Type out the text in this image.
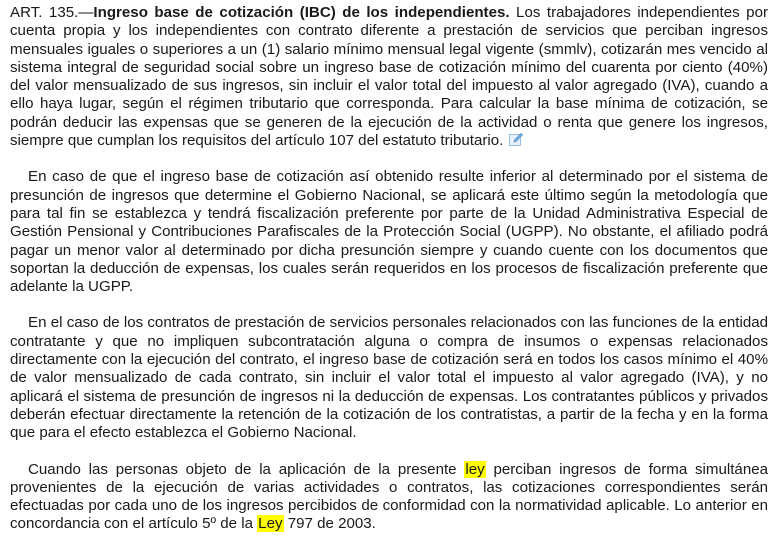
ART. 135.—Ingreso base de cotización (IBC) de los independientes. Los trabajadores independientes por cuenta propia y los independientes con contrato diferente a prestación de servicios que perciban ingresos mensuales iguales o superiores a un (1) salario mínimo mensual legal vigente (smmlv), cotizarán mes vencido al sistema integral de seguridad social sobre un ingreso base de cotización mínimo del cuarenta por ciento (40%) del valor mensualizado de sus ingresos, sin incluir el valor total del impuesto al valor agregado (IVA), cuando a ello haya lugar, según el régimen tributario que corresponda. Para calcular la base mínima de cotización, se podrán deducir las expensas que se generen de la ejecución de la actividad o renta que genere los ingresos, siempre que cumplan los requisitos del artículo 107 del estatuto tributario.

En caso de que el ingreso base de cotización así obtenido resulte inferior al determinado por el sistema de presunción de ingresos que determine el Gobierno Nacional, se aplicará este último según la metodología que para tal fin se establezca y tendrá fiscalización preferente por parte de la Unidad Administrativa Especial de Gestión Pensional y Contribuciones Parafiscales de la Protección Social (UGPP). No obstante, el afiliado podrá pagar un menor valor al determinado por dicha presunción siempre y cuando cuente con los documentos que soportan la deducción de expensas, los cuales serán requeridos en los procesos de fiscalización preferente que adelante la UGPP.

En el caso de los contratos de prestación de servicios personales relacionados con las funciones de la entidad contratante y que no impliquen subcontratación alguna o compra de insumos o expensas relacionados directamente con la ejecución del contrato, el ingreso base de cotización será en todos los casos mínimo el 40% de valor mensualizado de cada contrato, sin incluir el valor total el impuesto al valor agregado (IVA), y no aplicará el sistema de presunción de ingresos ni la deducción de expensas. Los contratantes públicos y privados deberán efectuar directamente la retención de la cotización de los contratistas, a partir de la fecha y en la forma que para el efecto establezca el Gobierno Nacional.

Cuando las personas objeto de la aplicación de la presente ley perciban ingresos de forma simultánea provenientes de la ejecución de varias actividades o contratos, las cotizaciones correspondientes serán efectuadas por cada uno de los ingresos percibidos de conformidad con la normatividad aplicable. Lo anterior en concordancia con el artículo 5º de la Ley 797 de 2003.
